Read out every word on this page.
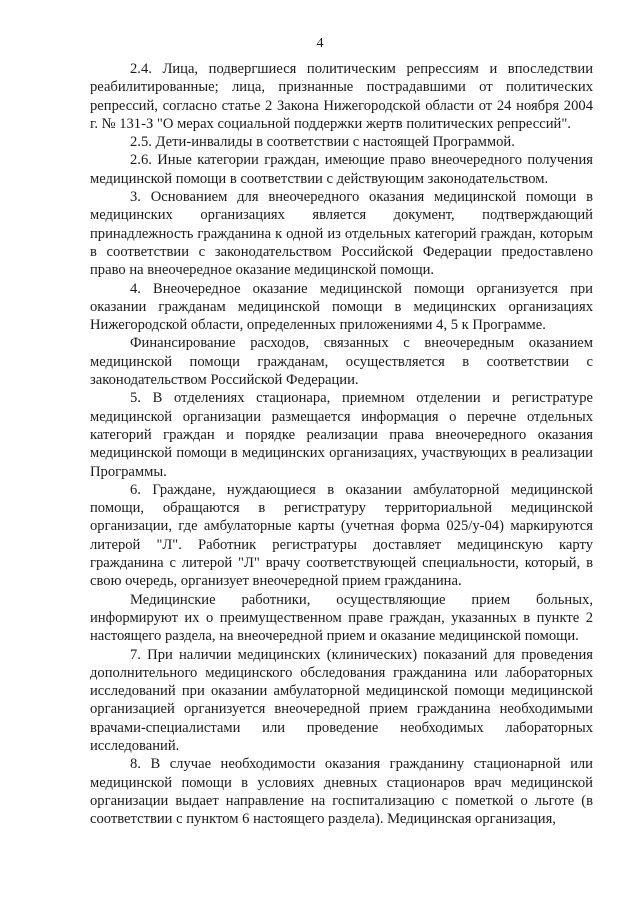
4

2.4. Лица, подвергшиеся политическим репрессиям и впоследствии реабилитированные; лица, признанные пострадавшими от политических репрессий, согласно статье 2 Закона Нижегородской области от 24 ноября 2004 г. № 131-З "О мерах социальной поддержки жертв политических репрессий".

2.5. Дети-инвалиды в соответствии с настоящей Программой.

2.6. Иные категории граждан, имеющие право внеочередного получения медицинской помощи в соответствии с действующим законодательством.

3. Основанием для внеочередного оказания медицинской помощи в медицинских организациях является документ, подтверждающий принадлежность гражданина к одной из отдельных категорий граждан, которым в соответствии с законодательством Российской Федерации предоставлено право на внеочередное оказание медицинской помощи.

4. Внеочередное оказание медицинской помощи организуется при оказании гражданам медицинской помощи в медицинских организациях Нижегородской области, определенных приложениями 4, 5 к Программе.

Финансирование расходов, связанных с внеочередным оказанием медицинской помощи гражданам, осуществляется в соответствии с законодательством Российской Федерации.

5. В отделениях стационара, приемном отделении и регистратуре медицинской организации размещается информация о перечне отдельных категорий граждан и порядке реализации права внеочередного оказания медицинской помощи в медицинских организациях, участвующих в реализации Программы.

6. Граждане, нуждающиеся в оказании амбулаторной медицинской помощи, обращаются в регистратуру территориальной медицинской организации, где амбулаторные карты (учетная форма 025/у-04) маркируются литерой "Л". Работник регистратуры доставляет медицинскую карту гражданина с литерой "Л" врачу соответствующей специальности, который, в свою очередь, организует внеочередной прием гражданина.

Медицинские работники, осуществляющие прием больных, информируют их о преимущественном праве граждан, указанных в пункте 2 настоящего раздела, на внеочередной прием и оказание медицинской помощи.

7. При наличии медицинских (клинических) показаний для проведения дополнительного медицинского обследования гражданина или лабораторных исследований при оказании амбулаторной медицинской помощи медицинской организацией организуется внеочередной прием гражданина необходимыми врачами-специалистами или проведение необходимых лабораторных исследований.

8. В случае необходимости оказания гражданину стационарной или медицинской помощи в условиях дневных стационаров врач медицинской организации выдает направление на госпитализацию с пометкой о льготе (в соответствии с пунктом 6 настоящего раздела). Медицинская организация,
